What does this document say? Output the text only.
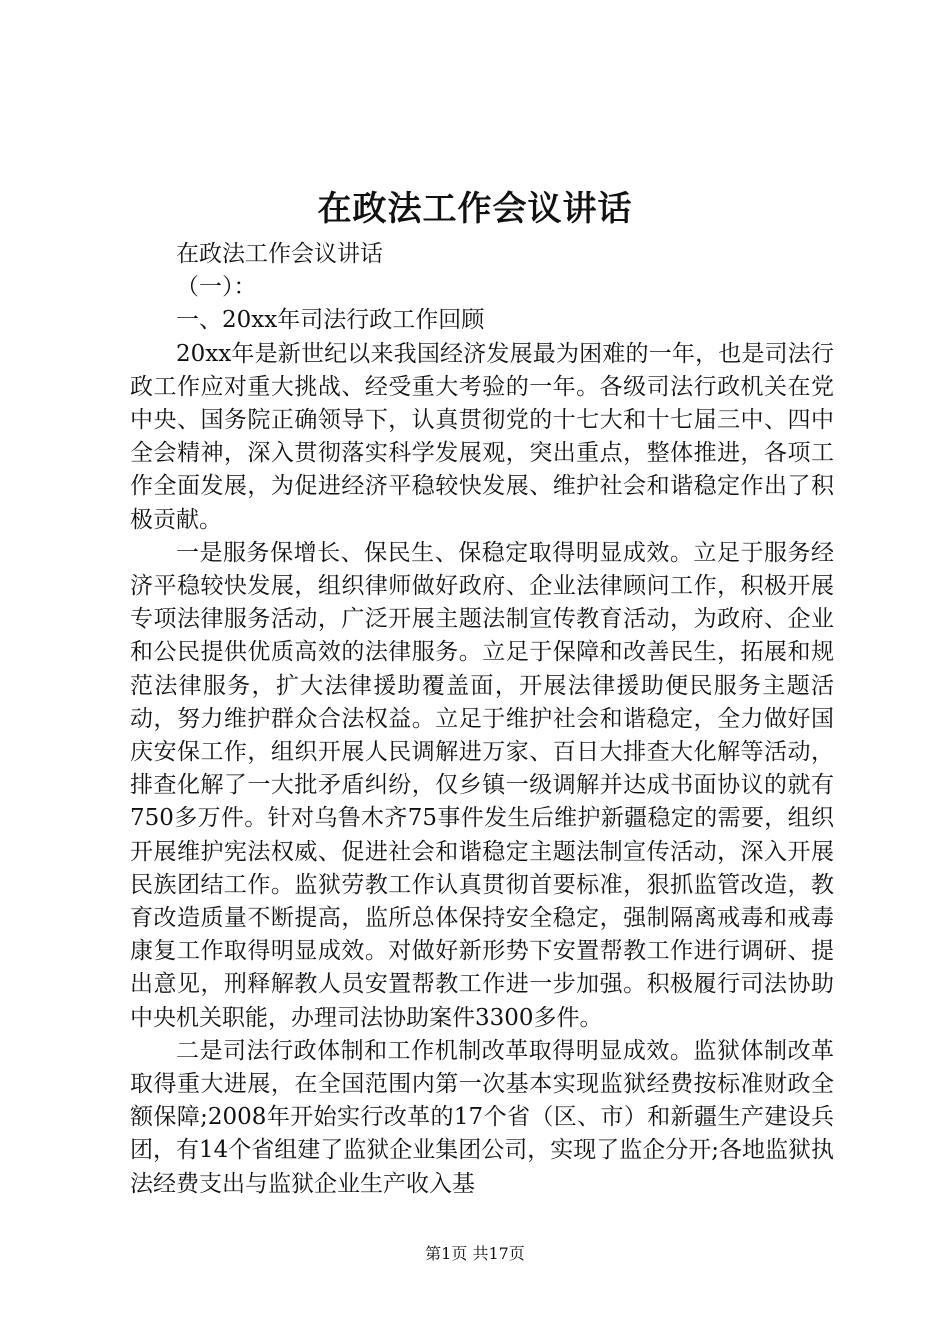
在政法工作会议讲话

在政法工作会议讲话

（一）：

一、20xx年司法行政工作回顾

20xx年是新世纪以来我国经济发展最为困难的一年，也是司法行政工作应对重大挑战、经受重大考验的一年。各级司法行政机关在党中央、国务院正确领导下，认真贯彻党的十七大和十七届三中、四中全会精神，深入贯彻落实科学发展观，突出重点，整体推进，各项工作全面发展，为促进经济平稳较快发展、维护社会和谐稳定作出了积极贡献。

一是服务保增长、保民生、保稳定取得明显成效。立足于服务经济平稳较快发展，组织律师做好政府、企业法律顾问工作，积极开展专项法律服务活动，广泛开展主题法制宣传教育活动，为政府、企业和公民提供优质高效的法律服务。立足于保障和改善民生，拓展和规范法律服务，扩大法律援助覆盖面，开展法律援助便民服务主题活动，努力维护群众合法权益。立足于维护社会和谐稳定，全力做好国庆安保工作，组织开展人民调解进万家、百日大排查大化解等活动，排查化解了一大批矛盾纠纷，仅乡镇一级调解并达成书面协议的就有750多万件。针对乌鲁木齐75事件发生后维护新疆稳定的需要，组织开展维护宪法权威、促进社会和谐稳定主题法制宣传活动，深入开展民族团结工作。监狱劳教工作认真贯彻首要标准，狠抓监管改造，教育改造质量不断提高，监所总体保持安全稳定，强制隔离戒毒和戒毒康复工作取得明显成效。对做好新形势下安置帮教工作进行调研、提出意见，刑释解教人员安置帮教工作进一步加强。积极履行司法协助中央机关职能，办理司法协助案件3300多件。

二是司法行政体制和工作机制改革取得明显成效。监狱体制改革取得重大进展，在全国范围内第一次基本实现监狱经费按标准财政全额保障;2008年开始实行改革的17个省（区、市）和新疆生产建设兵团，有14个省组建了监狱企业集团公司，实现了监企分开;各地监狱执法经费支出与监狱企业生产收入基

第1页 共17页
